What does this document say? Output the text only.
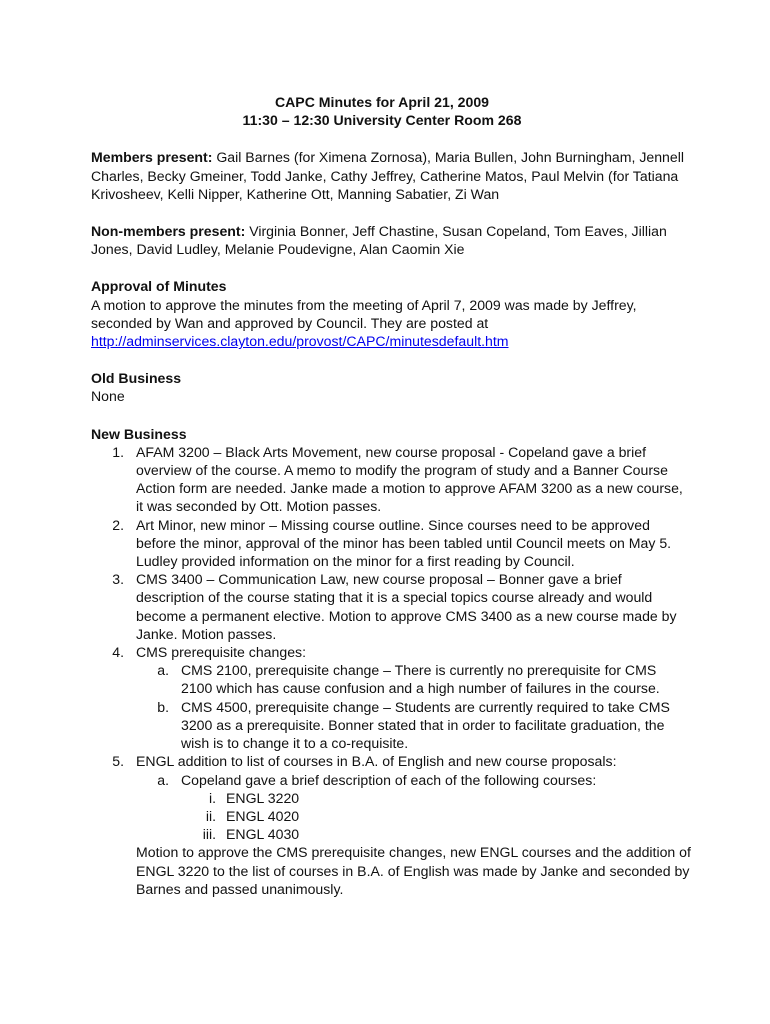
CAPC Minutes for April 21, 2009
11:30 – 12:30 University Center Room 268
Members present: Gail Barnes (for Ximena Zornosa), Maria Bullen, John Burningham, Jennell Charles, Becky Gmeiner, Todd Janke, Cathy Jeffrey, Catherine Matos, Paul Melvin (for Tatiana Krivosheev, Kelli Nipper, Katherine Ott, Manning Sabatier, Zi Wan
Non-members present: Virginia Bonner, Jeff Chastine, Susan Copeland, Tom Eaves, Jillian Jones, David Ludley, Melanie Poudevigne, Alan Caomin Xie
Approval of Minutes
A motion to approve the minutes from the meeting of April 7, 2009 was made by Jeffrey, seconded by Wan and approved by Council. They are posted at
http://adminservices.clayton.edu/provost/CAPC/minutesdefault.htm
Old Business
None
New Business
1. AFAM 3200 – Black Arts Movement, new course proposal - Copeland gave a brief overview of the course. A memo to modify the program of study and a Banner Course Action form are needed. Janke made a motion to approve AFAM 3200 as a new course, it was seconded by Ott. Motion passes.
2. Art Minor, new minor – Missing course outline. Since courses need to be approved before the minor, approval of the minor has been tabled until Council meets on May 5. Ludley provided information on the minor for a first reading by Council.
3. CMS 3400 – Communication Law, new course proposal – Bonner gave a brief description of the course stating that it is a special topics course already and would become a permanent elective. Motion to approve CMS 3400 as a new course made by Janke. Motion passes.
4. CMS prerequisite changes:
a. CMS 2100, prerequisite change – There is currently no prerequisite for CMS 2100 which has cause confusion and a high number of failures in the course.
b. CMS 4500, prerequisite change – Students are currently required to take CMS 3200 as a prerequisite. Bonner stated that in order to facilitate graduation, the wish is to change it to a co-requisite.
5. ENGL addition to list of courses in B.A. of English and new course proposals:
a. Copeland gave a brief description of each of the following courses:
i. ENGL 3220
ii. ENGL 4020
iii. ENGL 4030
Motion to approve the CMS prerequisite changes, new ENGL courses and the addition of ENGL 3220 to the list of courses in B.A. of English was made by Janke and seconded by Barnes and passed unanimously.
